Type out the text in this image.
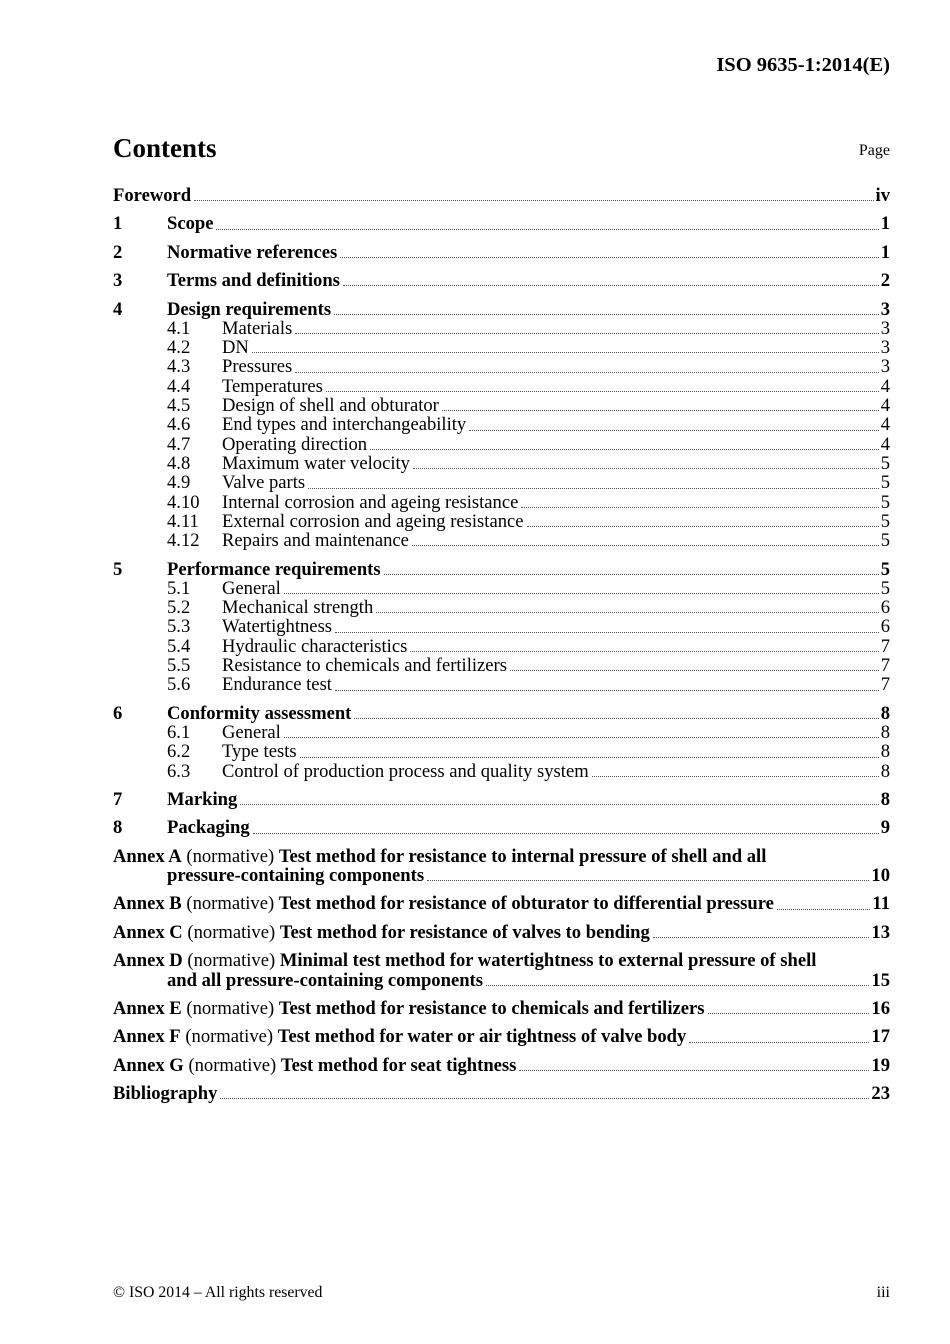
ISO 9635-1:2014(E)
Contents	Page
Foreword	iv
1	Scope	1
2	Normative references	1
3	Terms and definitions	2
4	Design requirements	3
4.1	Materials	3
4.2	DN	3
4.3	Pressures	3
4.4	Temperatures	4
4.5	Design of shell and obturator	4
4.6	End types and interchangeability	4
4.7	Operating direction	4
4.8	Maximum water velocity	5
4.9	Valve parts	5
4.10	Internal corrosion and ageing resistance	5
4.11	External corrosion and ageing resistance	5
4.12	Repairs and maintenance	5
5	Performance requirements	5
5.1	General	5
5.2	Mechanical strength	6
5.3	Watertightness	6
5.4	Hydraulic characteristics	7
5.5	Resistance to chemicals and fertilizers	7
5.6	Endurance test	7
6	Conformity assessment	8
6.1	General	8
6.2	Type tests	8
6.3	Control of production process and quality system	8
7	Marking	8
8	Packaging	9
Annex A (normative) Test method for resistance to internal pressure of shell and all
pressure-containing components	10
Annex B (normative) Test method for resistance of obturator to differential pressure	11
Annex C (normative) Test method for resistance of valves to bending	13
Annex D (normative) Minimal test method for watertightness to external pressure of shell
and all pressure-containing components	15
Annex E (normative) Test method for resistance to chemicals and fertilizers	16
Annex F (normative) Test method for water or air tightness of valve body	17
Annex G (normative) Test method for seat tightness	19
Bibliography	23
© ISO 2014 – All rights reserved	iii
